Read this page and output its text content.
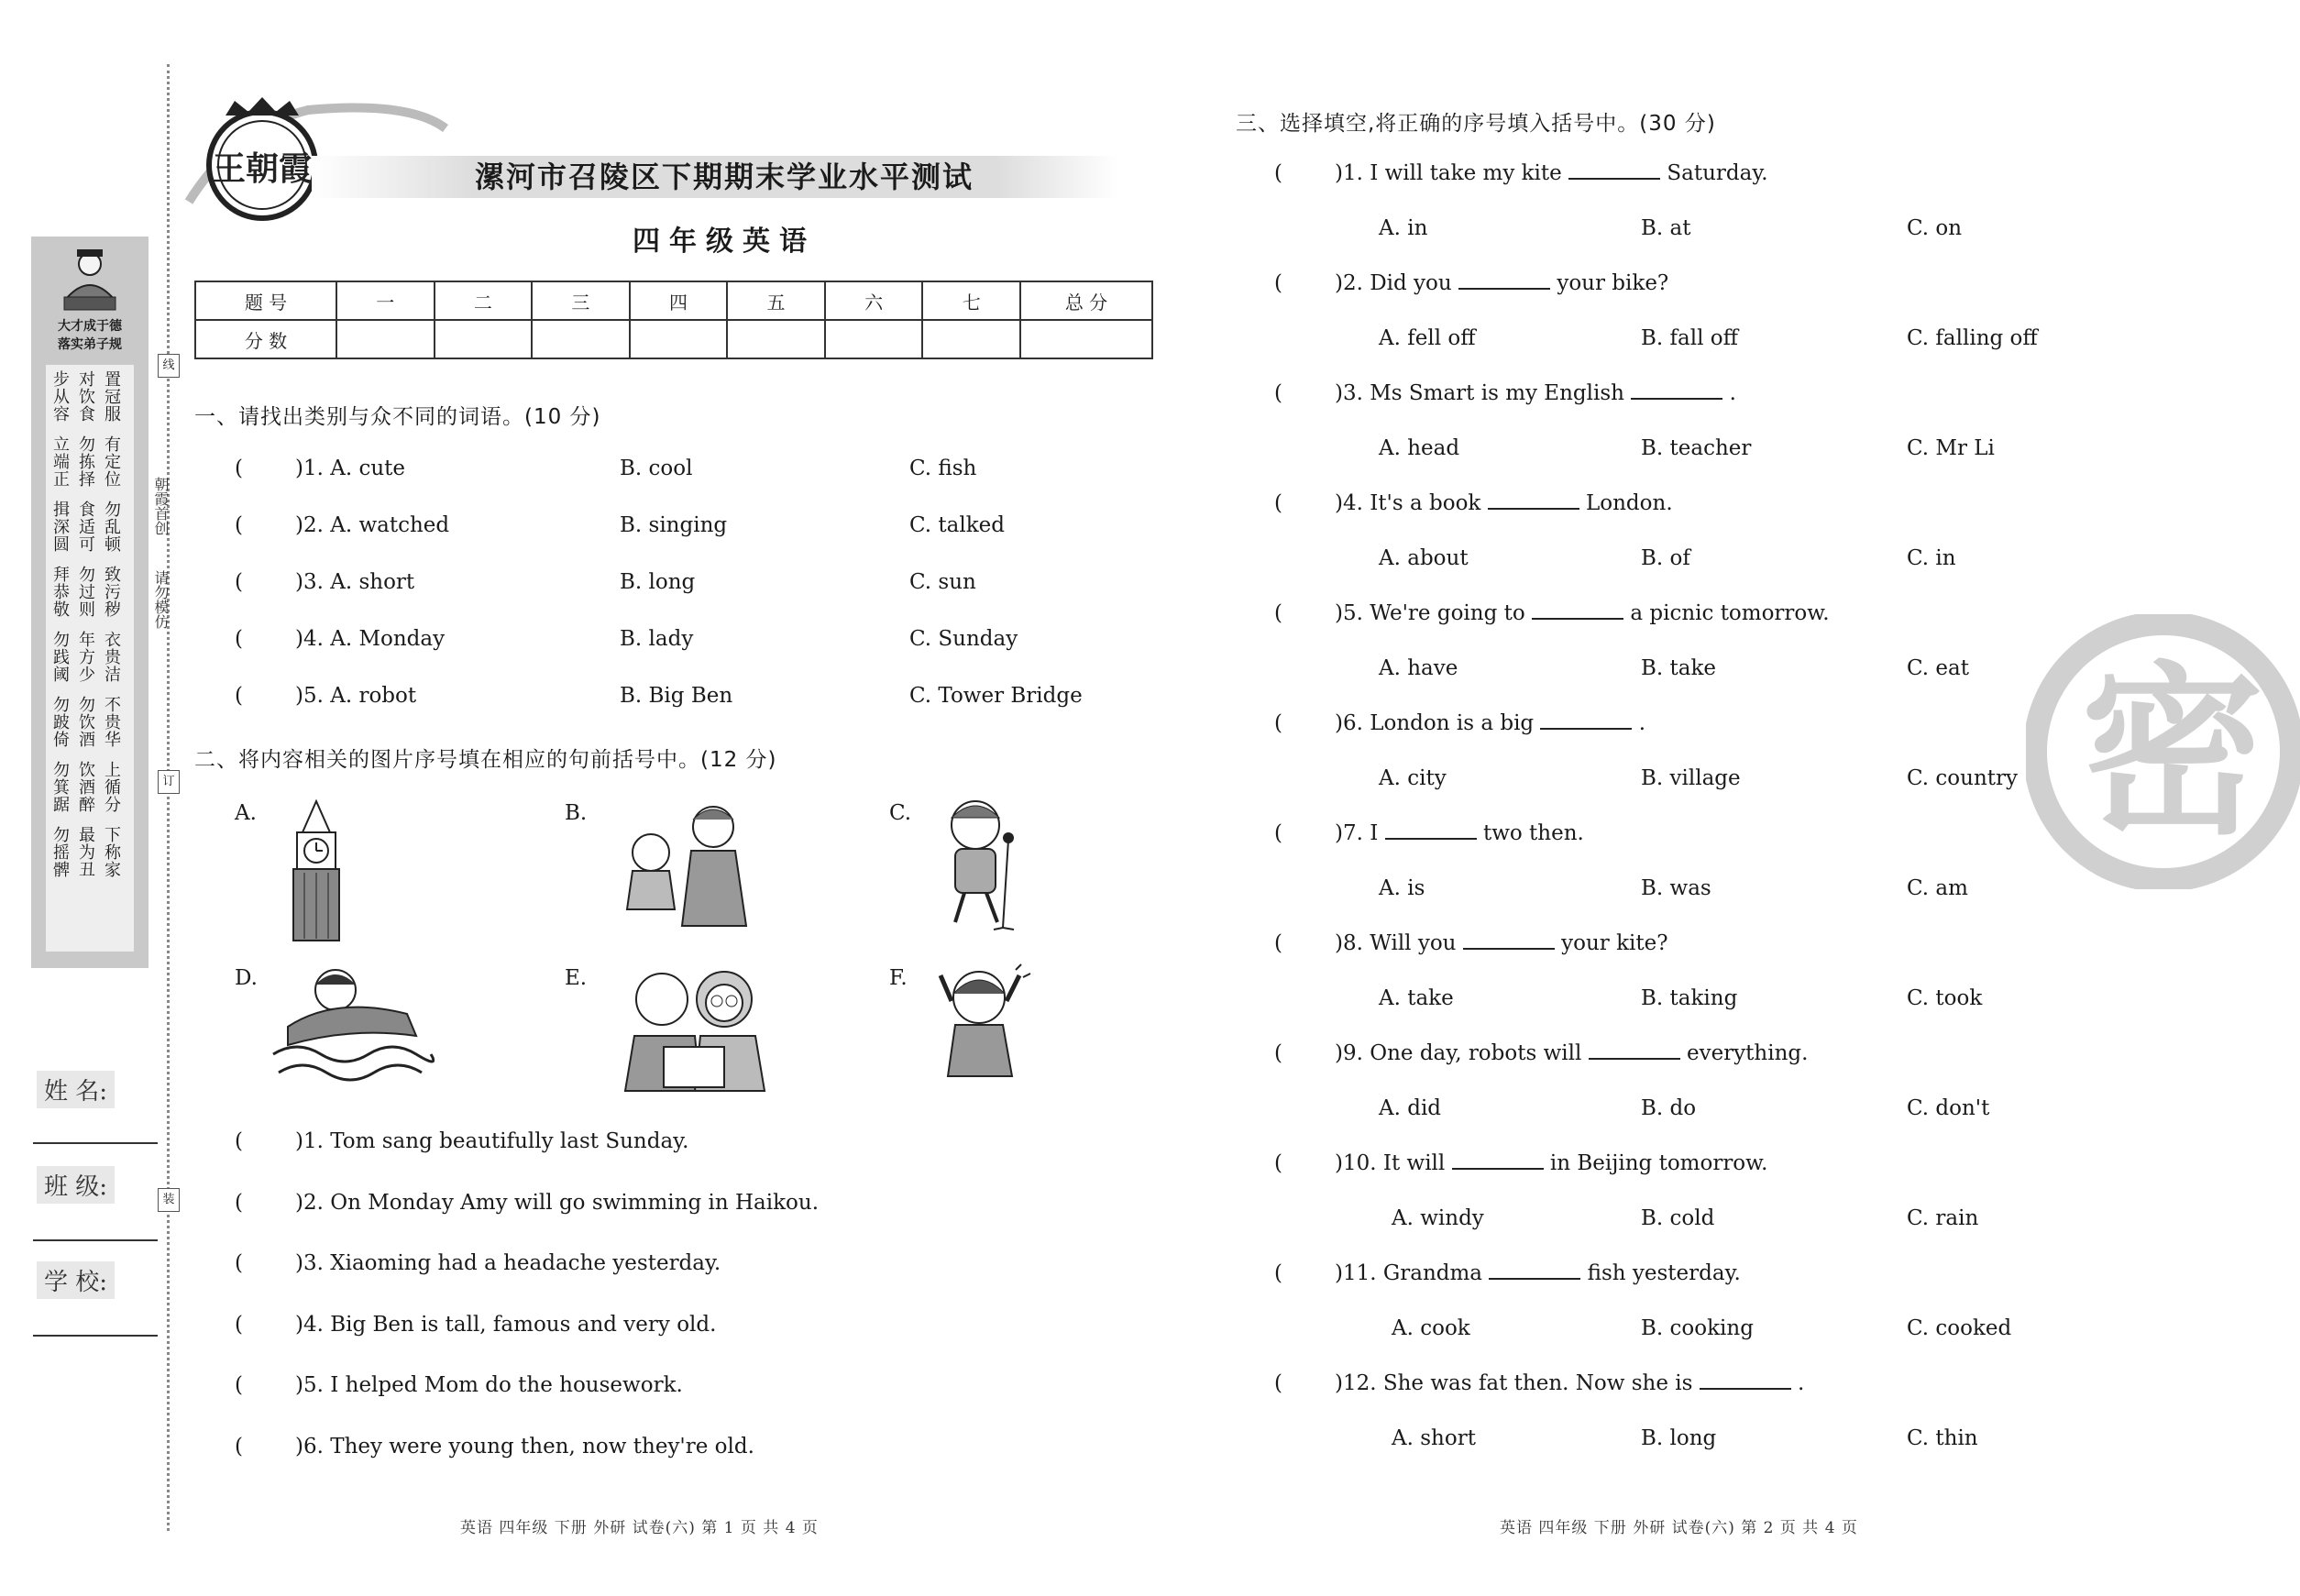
线
订
装
朝霞首创
请勿模仿
大才成于德
落实弟子规
步从容 对饮食 置冠服
立端正 勿拣择 有定位
揖深圆 食适可 勿乱顿
拜恭敬 勿过则 致污秽
勿践阈 年方少 衣贵洁
勿跛倚 勿饮酒 不贵华
勿箕踞 饮酒醉 上循分
勿摇髀 最为丑 下称家
姓 名:
班 级:
学 校:
王朝霞	漯河市召陵区下期期末学业水平测试
四年级英语
题 号	一	二	三	四	五	六	七	总 分
分 数								
一、请找出类别与众不同的词语。(10 分)
( )1. A. cute	B. cool	C. fish
( )2. A. watched	B. singing	C. talked
( )3. A. short	B. long	C. sun
( )4. A. Monday	B. lady	C. Sunday
( )5. A. robot	B. Big Ben	C. Tower Bridge
二、将内容相关的图片序号填在相应的句前括号中。(12 分)
A.	B.	C.
D.	E.	F.
( )1. Tom sang beautifully last Sunday.
( )2. On Monday Amy will go swimming in Haikou.
( )3. Xiaoming had a headache yesterday.
( )4. Big Ben is tall, famous and very old.
( )5. I helped Mom do the housework.
( )6. They were young then, now they're old.
三、选择填空,将正确的序号填入括号中。(30 分)
( )1. I will take my kite	Saturday.
A. in	B. at	C. on
( )2. Did you	your bike?
A. fell off	B. fall off	C. falling off
( )3. Ms Smart is my English	.
A. head	B. teacher	C. Mr Li
( )4. It's a book	London.
A. about	B. of	C. in
( )5. We're going to	a picnic tomorrow.
A. have	B. take	C. eat
( )6. London is a big	.
A. city	B. village	C. country
( )7. I	two then.
A. is	B. was	C. am
( )8. Will you	your kite?
A. take	B. taking	C. took
( )9. One day, robots will	everything.
A. did	B. do	C. don't
( )10. It will	in Beijing tomorrow.
A. windy	B. cold	C. rain
( )11. Grandma	fish yesterday.
A. cook	B. cooking	C. cooked
( )12. She was fat then. Now she is	.
A. short	B. long	C. thin
密
英语 四年级 下册 外研 试卷(六) 第 1 页 共 4 页	英语 四年级 下册 外研 试卷(六) 第 2 页 共 4 页
